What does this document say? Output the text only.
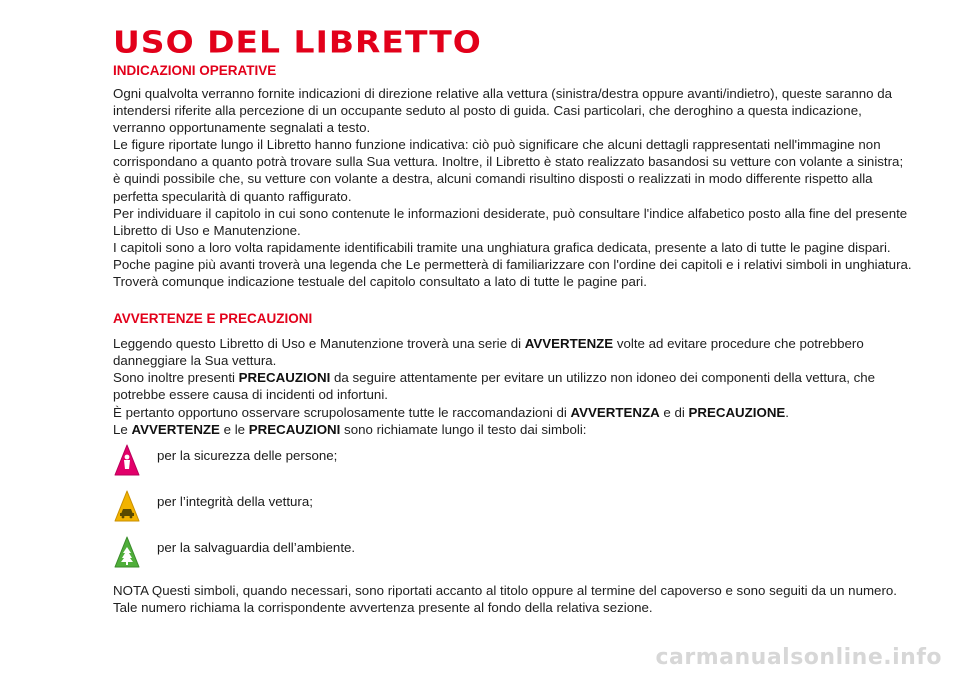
USO DEL LIBRETTO
INDICAZIONI OPERATIVE

Ogni qualvolta verranno fornite indicazioni di direzione relative alla vettura (sinistra/destra oppure avanti/indietro), queste saranno da intendersi riferite alla percezione di un occupante seduto al posto di guida. Casi particolari, che deroghino a questa indicazione, verranno opportunamente segnalati a testo.

Le figure riportate lungo il Libretto hanno funzione indicativa: ciò può significare che alcuni dettagli rappresentati nell'immagine non corrispondano a quanto potrà trovare sulla Sua vettura. Inoltre, il Libretto è stato realizzato basandosi su vetture con volante a sinistra; è quindi possibile che, su vetture con volante a destra, alcuni comandi risultino disposti o realizzati in modo differente rispetto alla perfetta specularità di quanto raffigurato.

Per individuare il capitolo in cui sono contenute le informazioni desiderate, può consultare l'indice alfabetico posto alla fine del presente Libretto di Uso e Manutenzione.

I capitoli sono a loro volta rapidamente identificabili tramite una unghiatura grafica dedicata, presente a lato di tutte le pagine dispari. Poche pagine più avanti troverà una legenda che Le permetterà di familiarizzare con l'ordine dei capitoli e i relativi simboli in unghiatura. Troverà comunque indicazione testuale del capitolo consultato a lato di tutte le pagine pari.

AVVERTENZE E PRECAUZIONI

Leggendo questo Libretto di Uso e Manutenzione troverà una serie di AVVERTENZE volte ad evitare procedure che potrebbero danneggiare la Sua vettura.

Sono inoltre presenti PRECAUZIONI da seguire attentamente per evitare un utilizzo non idoneo dei componenti della vettura, che potrebbe essere causa di incidenti od infortuni.

È pertanto opportuno osservare scrupolosamente tutte le raccomandazioni di AVVERTENZA e di PRECAUZIONE.

Le AVVERTENZE e le PRECAUZIONI sono richiamate lungo il testo dai simboli:

per la sicurezza delle persone;
per l’integrità della vettura;
per la salvaguardia dell’ambiente.

NOTA Questi simboli, quando necessari, sono riportati accanto al titolo oppure al termine del capoverso e sono seguiti da un numero. Tale numero richiama la corrispondente avvertenza presente al fondo della relativa sezione.

carmanualsonline.info
